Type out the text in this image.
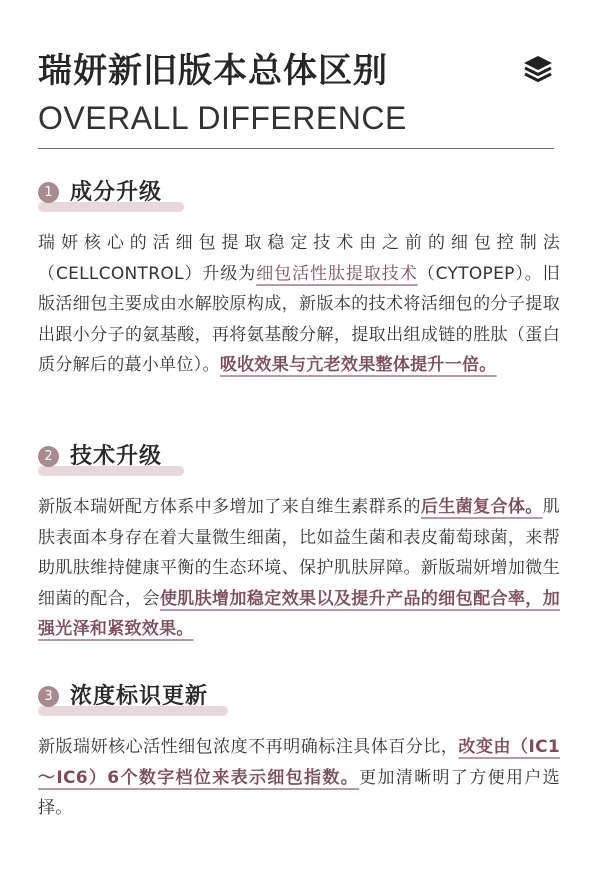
瑞妍新旧版本总体区别
OVERALL DIFFERENCE
1 成分升级
瑞妍核心的活细包提取稳定技术由之前的细包控制法（CELLCONTROL）升级为细包活性肽提取技术（CYTOPEP）。旧版活细包主要成由水解胶原构成，新版本的技术将活细包的分子提取出跟小分子的氨基酸，再将氨基酸分解，提取出组成链的胜肽（蛋白质分解后的蕞小单位）。吸收效果与亢老效果整体提升一倍。
2 技术升级
新版本瑞妍配方体系中多增加了来自维生素群系的后生菌复合体。肌肤表面本身存在着大量微生细菌，比如益生菌和表皮葡萄球菌，来帮助肌肤维持健康平衡的生态环境、保护肌肤屏障。新版瑞妍增加微生细菌的配合，会使肌肤增加稳定效果以及提升产品的细包配合率，加强光泽和紧致效果。
3 浓度标识更新
新版瑞妍核心活性细包浓度不再明确标注具体百分比，改变由（IC1～IC6）6个数字档位来表示细包指数。更加清晰明了方便用户选择。
